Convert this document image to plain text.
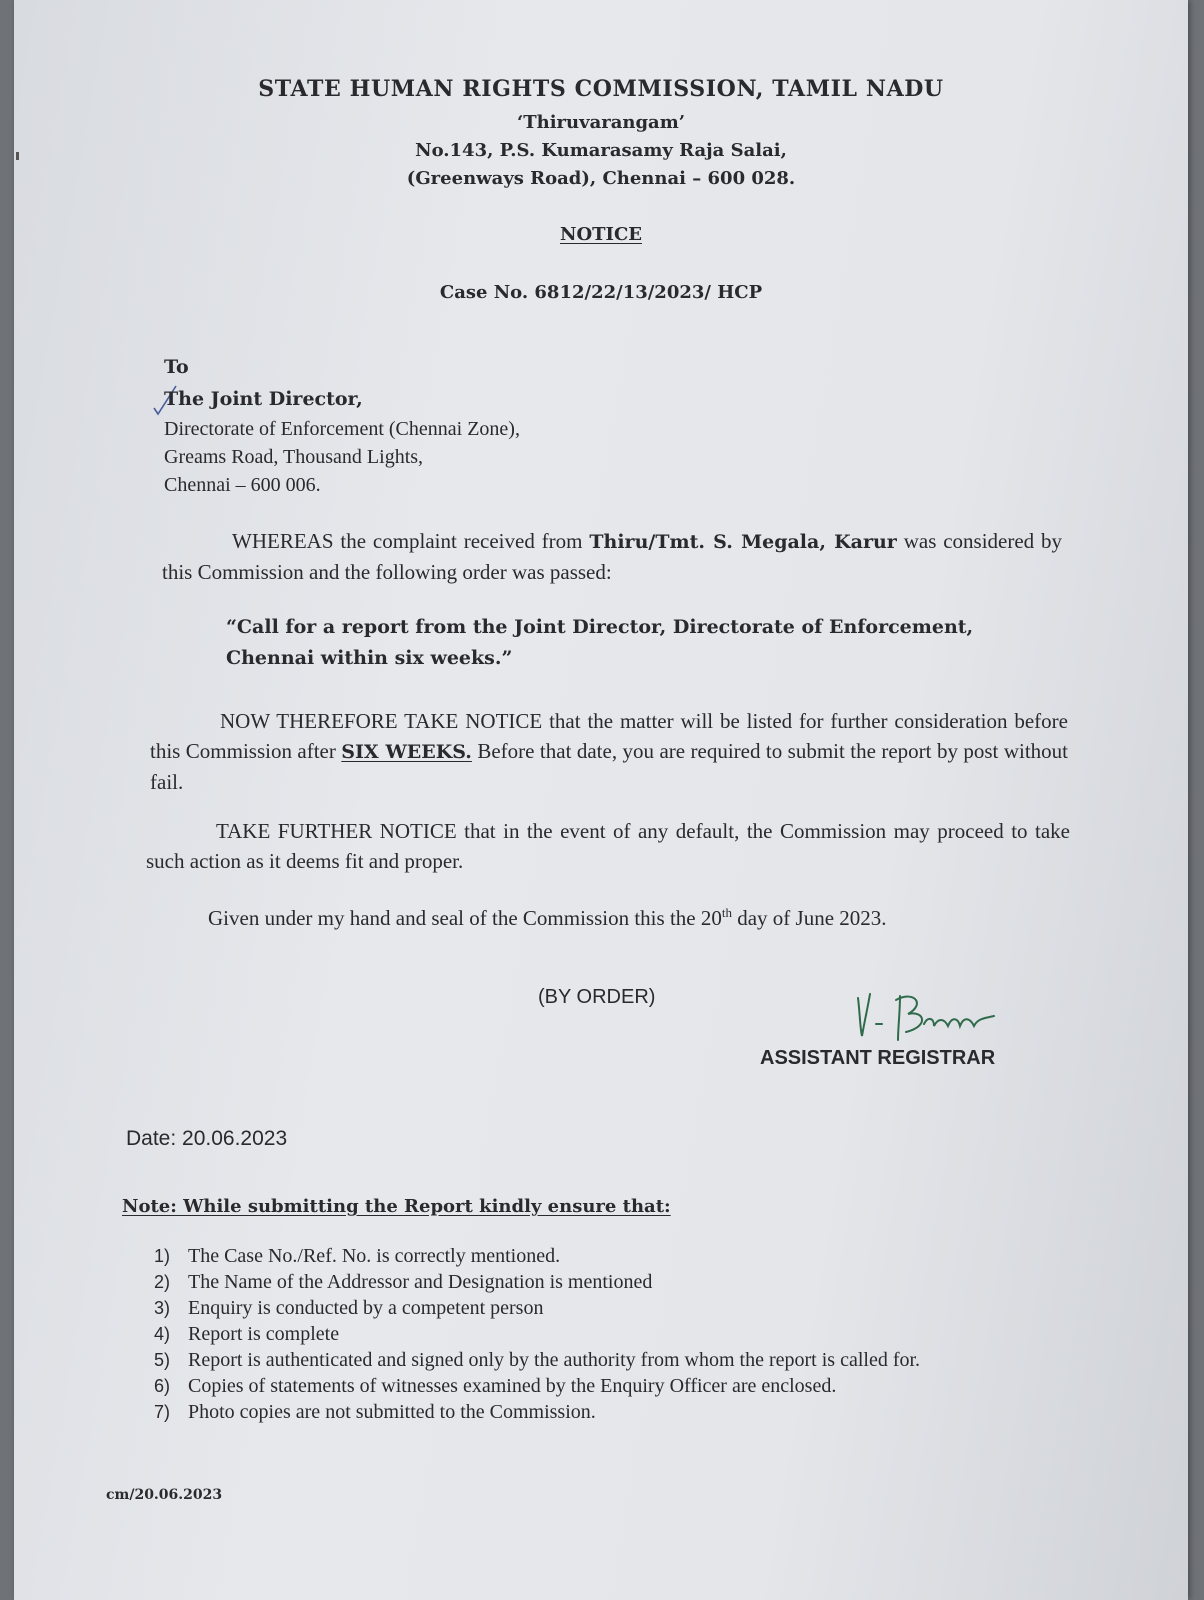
STATE HUMAN RIGHTS COMMISSION, TAMIL NADU
‘Thiruvarangam’
No.143, P.S. Kumarasamy Raja Salai,
(Greenways Road), Chennai – 600 028.
NOTICE
Case No. 6812/22/13/2023/ HCP
To
The Joint Director,
Directorate of Enforcement (Chennai Zone),
Greams Road, Thousand Lights,
Chennai – 600 006.
WHEREAS the complaint received from Thiru/Tmt. S. Megala, Karur was considered by this Commission and the following order was passed:
“Call for a report from the Joint Director, Directorate of Enforcement, Chennai within six weeks.”
NOW THEREFORE TAKE NOTICE that the matter will be listed for further consideration before this Commission after SIX WEEKS. Before that date, you are required to submit the report by post without fail.
TAKE FURTHER NOTICE that in the event of any default, the Commission may proceed to take such action as it deems fit and proper.
Given under my hand and seal of the Commission this the 20th day of June 2023.
(BY ORDER)
ASSISTANT REGISTRAR
Date: 20.06.2023
Note: While submitting the Report kindly ensure that:
1) The Case No./Ref. No. is correctly mentioned.
2) The Name of the Addressor and Designation is mentioned
3) Enquiry is conducted by a competent person
4) Report is complete
5) Report is authenticated and signed only by the authority from whom the report is called for.
6) Copies of statements of witnesses examined by the Enquiry Officer are enclosed.
7) Photo copies are not submitted to the Commission.
cm/20.06.2023
